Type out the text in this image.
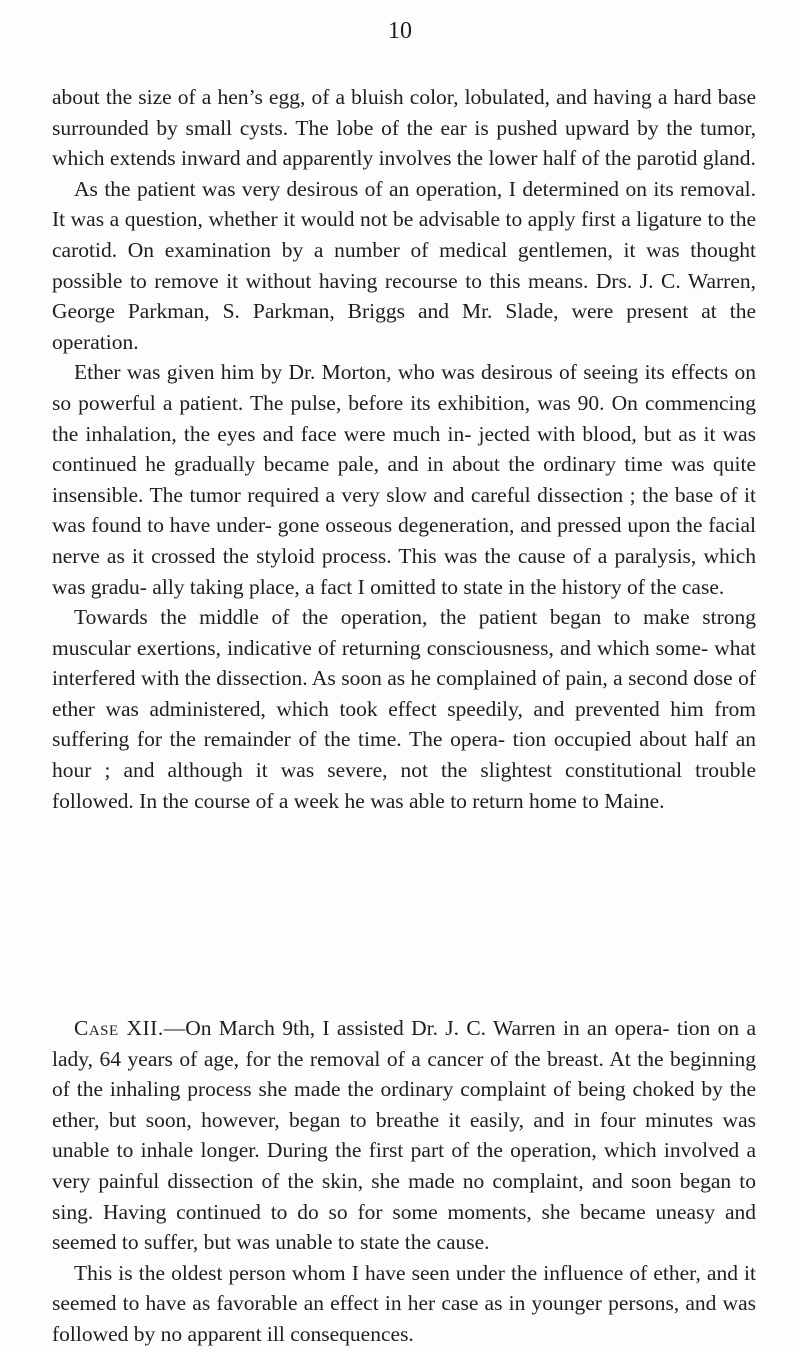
10

about the size of a hen’s egg, of a bluish color, lobulated, and having a hard base surrounded by small cysts. The lobe of the ear is pushed upward by the tumor, which extends inward and apparently involves the lower half of the parotid gland.

As the patient was very desirous of an operation, I determined on its removal. It was a question, whether it would not be advisable to apply first a ligature to the carotid. On examination by a number of medical gentlemen, it was thought possible to remove it without having recourse to this means. Drs. J. C. Warren, George Parkman, S. Parkman, Briggs and Mr. Slade, were present at the operation.

Ether was given him by Dr. Morton, who was desirous of seeing its effects on so powerful a patient. The pulse, before its exhibition, was 90. On commencing the inhalation, the eyes and face were much in- jected with blood, but as it was continued he gradually became pale, and in about the ordinary time was quite insensible. The tumor required a very slow and careful dissection ; the base of it was found to have under- gone osseous degeneration, and pressed upon the facial nerve as it crossed the styloid process. This was the cause of a paralysis, which was gradu- ally taking place, a fact I omitted to state in the history of the case.

Towards the middle of the operation, the patient began to make strong muscular exertions, indicative of returning consciousness, and which some- what interfered with the dissection. As soon as he complained of pain, a second dose of ether was administered, which took effect speedily, and prevented him from suffering for the remainder of the time. The opera- tion occupied about half an hour ; and although it was severe, not the slightest constitutional trouble followed. In the course of a week he was able to return home to Maine.

Case XII.—On March 9th, I assisted Dr. J. C. Warren in an opera- tion on a lady, 64 years of age, for the removal of a cancer of the breast. At the beginning of the inhaling process she made the ordinary complaint of being choked by the ether, but soon, however, began to breathe it easily, and in four minutes was unable to inhale longer. During the first part of the operation, which involved a very painful dissection of the skin, she made no complaint, and soon began to sing. Having continued to do so for some moments, she became uneasy and seemed to suffer, but was unable to state the cause.

This is the oldest person whom I have seen under the influence of ether, and it seemed to have as favorable an effect in her case as in younger persons, and was followed by no apparent ill consequences.
